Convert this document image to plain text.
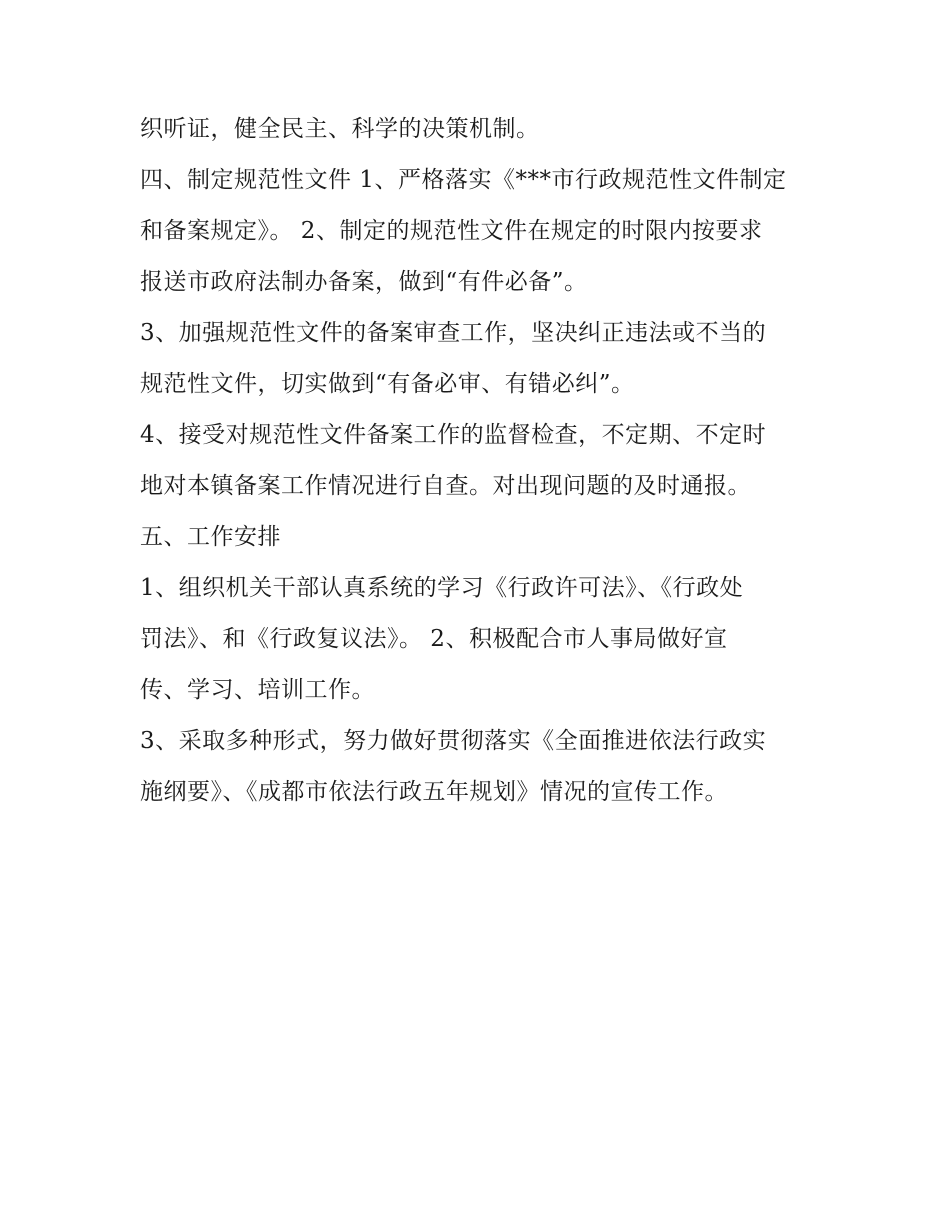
织听证，健全民主、科学的决策机制。
四、制定规范性文件 1、严格落实《***市行政规范性文件制定
和备案规定》。 2、制定的规范性文件在规定的时限内按要求
报送市政府法制办备案，做到“有件必备”。
3、加强规范性文件的备案审查工作，坚决纠正违法或不当的
规范性文件，切实做到“有备必审、有错必纠”。
4、接受对规范性文件备案工作的监督检查，不定期、不定时
地对本镇备案工作情况进行自查。对出现问题的及时通报。
五、工作安排
1、组织机关干部认真系统的学习《行政许可法》、《行政处
罚法》、和《行政复议法》。 2、积极配合市人事局做好宣
传、学习、培训工作。
3、采取多种形式，努力做好贯彻落实《全面推进依法行政实
施纲要》、《成都市依法行政五年规划》情况的宣传工作。
